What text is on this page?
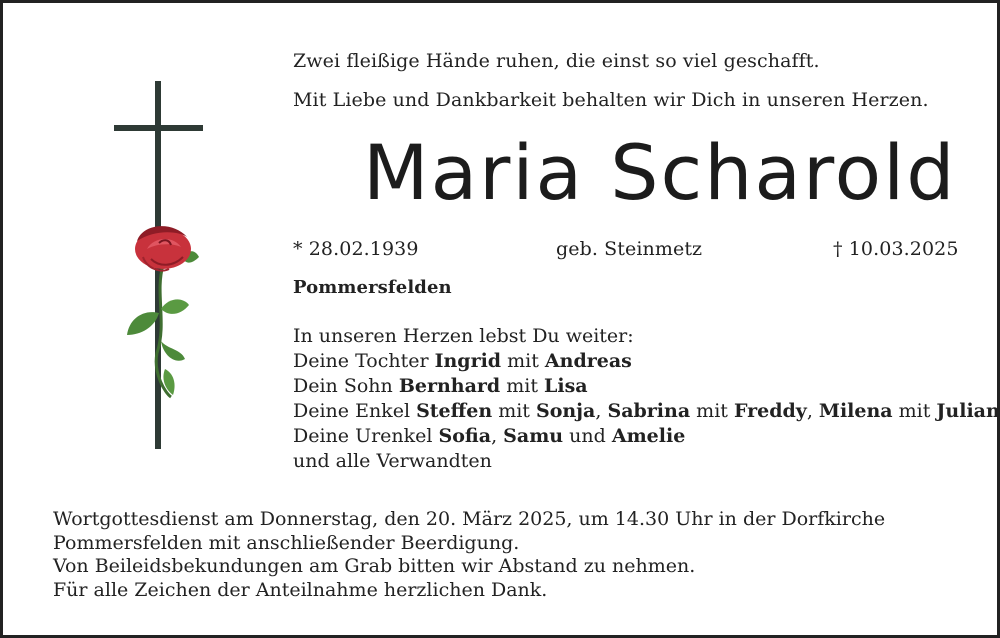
Zwei fleißige Hände ruhen, die einst so viel geschafft.
Mit Liebe und Dankbarkeit behalten wir Dich in unseren Herzen.
Maria Scharold
* 28.02.1939	geb. Steinmetz	† 10.03.2025
Pommersfelden
In unseren Herzen lebst Du weiter:
Deine Tochter Ingrid mit Andreas
Dein Sohn Bernhard mit Lisa
Deine Enkel Steffen mit Sonja, Sabrina mit Freddy, Milena mit Julian
Deine Urenkel Sofia, Samu und Amelie
und alle Verwandten
Wortgottesdienst am Donnerstag, den 20. März 2025, um 14.30 Uhr in der Dorfkirche
Pommersfelden mit anschließender Beerdigung.
Von Beileidsbekundungen am Grab bitten wir Abstand zu nehmen.
Für alle Zeichen der Anteilnahme herzlichen Dank.
